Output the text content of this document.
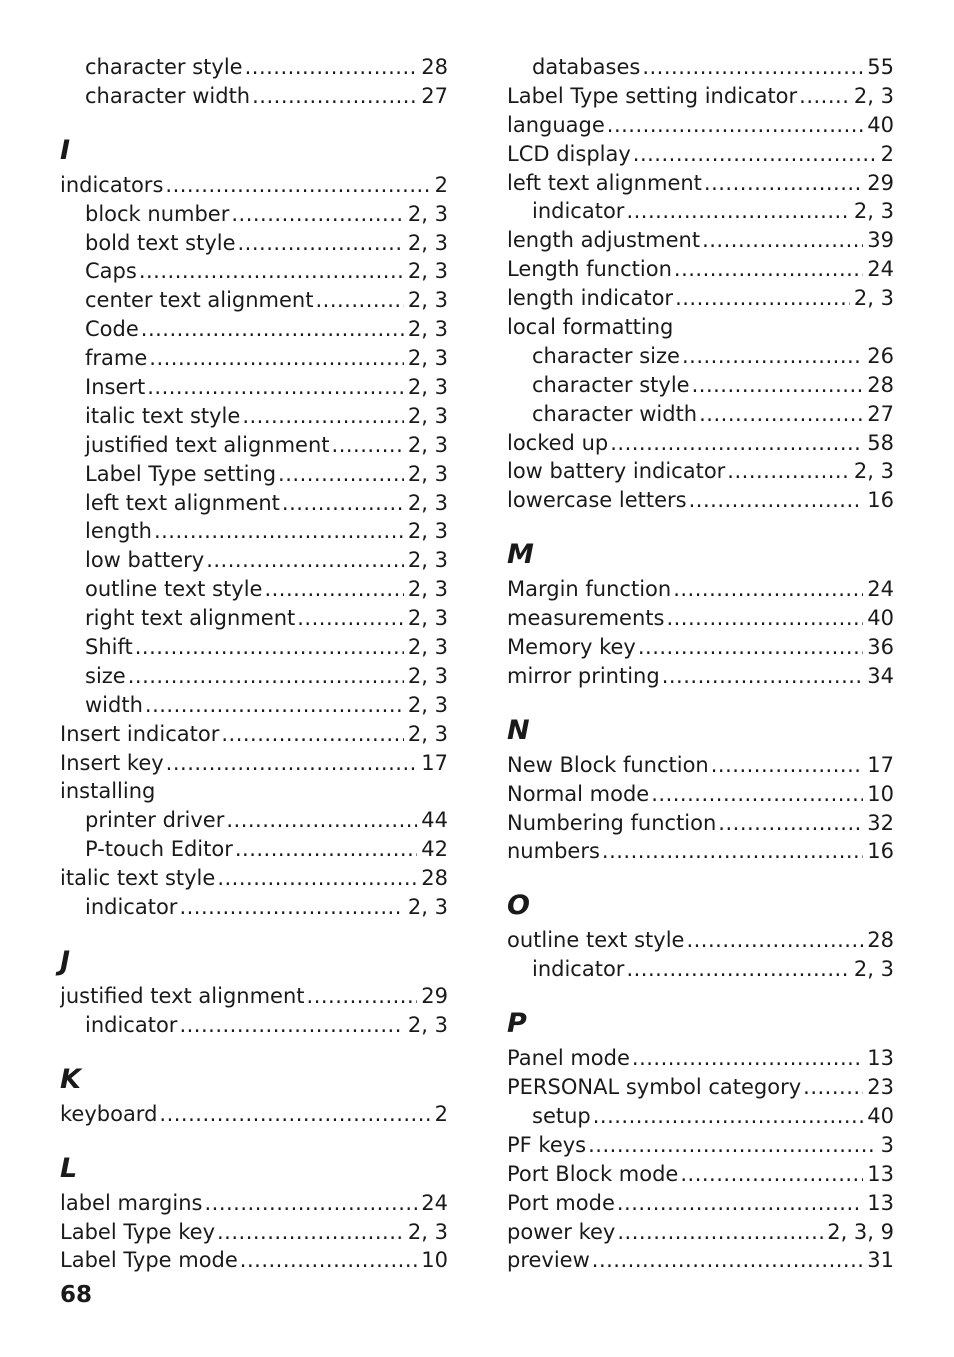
character style .....	28
character width .....	27
I
indicators .....	2
block number .....	2, 3
bold text style .....	2, 3
Caps .....	2, 3
center text alignment .....	2, 3
Code .....	2, 3
frame .....	2, 3
Insert .....	2, 3
italic text style .....	2, 3
justified text alignment .....	2, 3
Label Type setting .....	2, 3
left text alignment .....	2, 3
length .....	2, 3
low battery .....	2, 3
outline text style .....	2, 3
right text alignment .....	2, 3
Shift .....	2, 3
size .....	2, 3
width .....	2, 3
Insert indicator .....	2, 3
Insert key .....	17
installing
printer driver .....	44
P-touch Editor .....	42
italic text style .....	28
indicator .....	2, 3
J
justified text alignment .....	29
indicator .....	2, 3
K
keyboard .....	2
L
label margins .....	24
Label Type key .....	2, 3
Label Type mode .....	10
databases .....	55
Label Type setting indicator .....	2, 3
language .....	40
LCD display .....	2
left text alignment .....	29
indicator .....	2, 3
length adjustment .....	39
Length function .....	24
length indicator .....	2, 3
local formatting
character size .....	26
character style .....	28
character width .....	27
locked up .....	58
low battery indicator .....	2, 3
lowercase letters .....	16
M
Margin function .....	24
measurements .....	40
Memory key .....	36
mirror printing .....	34
N
New Block function .....	17
Normal mode .....	10
Numbering function .....	32
numbers .....	16
O
outline text style .....	28
indicator .....	2, 3
P
Panel mode .....	13
PERSONAL symbol category .....	23
setup .....	40
PF keys .....	3
Port Block mode .....	13
Port mode .....	13
power key .....	2, 3, 9
preview .....	31
68
